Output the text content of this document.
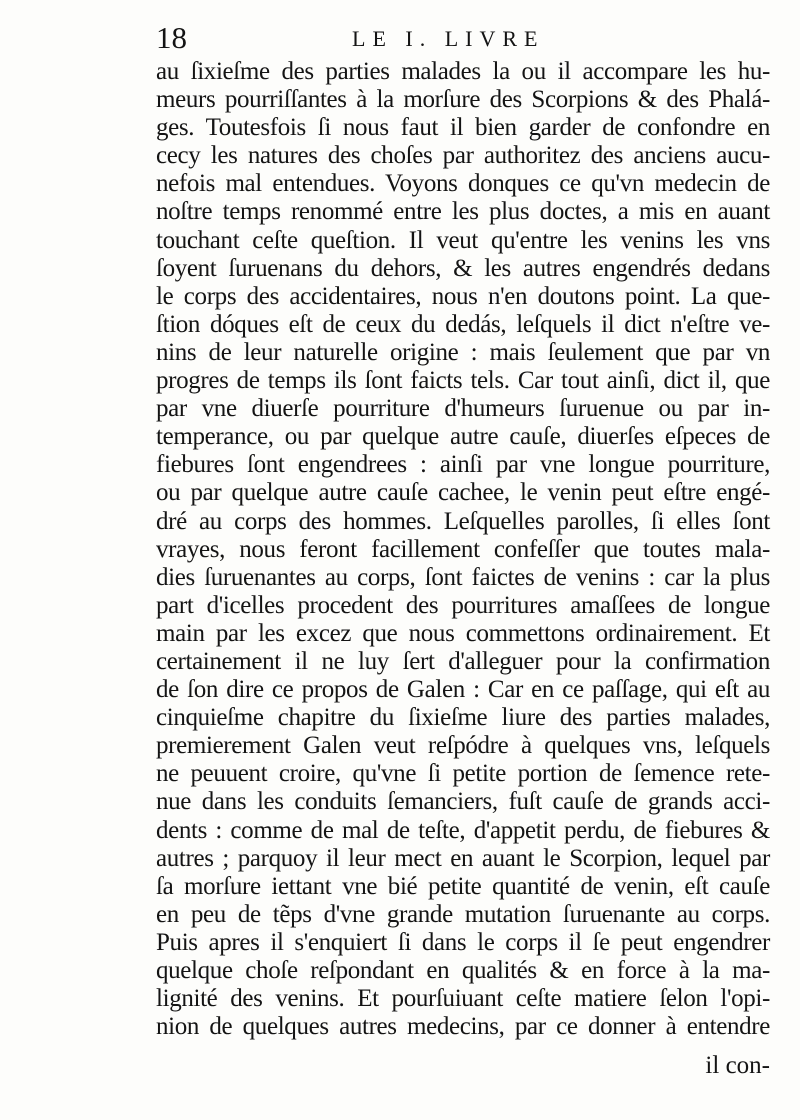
18	LE I. LIVRE
au ſixieſme des parties malades la ou il accompare les hu-
meurs pourriſſantes à la morſure des Scorpions & des Phalá-
ges. Toutesfois ſi nous faut il bien garder de confondre en
cecy les natures des choſes par authoritez des anciens aucu-
nefois mal entendues. Voyons donques ce qu'vn medecin de
noſtre temps renommé entre les plus doctes, a mis en auant
touchant ceſte queſtion. Il veut qu'entre les venins les vns
ſoyent ſuruenans du dehors, & les autres engendrés dedans
le corps des accidentaires, nous n'en doutons point. La que-
ſtion dóques eſt de ceux du dedás, leſquels il dict n'eſtre ve-
nins de leur naturelle origine : mais ſeulement que par vn
progres de temps ils ſont faicts tels. Car tout ainſi, dict il, que
par vne diuerſe pourriture d'humeurs ſuruenue ou par in-
temperance, ou par quelque autre cauſe, diuerſes eſpeces de
fiebures ſont engendrees : ainſi par vne longue pourriture,
ou par quelque autre cauſe cachee, le venin peut eſtre engé-
dré au corps des hommes. Leſquelles parolles, ſi elles ſont
vrayes, nous feront facillement confeſſer que toutes mala-
dies ſuruenantes au corps, ſont faictes de venins : car la plus
part d'icelles procedent des pourritures amaſſees de longue
main par les excez que nous commettons ordinairement. Et
certainement il ne luy ſert d'alleguer pour la confirmation
de ſon dire ce propos de Galen : Car en ce paſſage, qui eſt au
cinquieſme chapitre du ſixieſme liure des parties malades,
premierement Galen veut reſpódre à quelques vns, leſquels
ne peuuent croire, qu'vne ſi petite portion de ſemence rete-
nue dans les conduits ſemanciers, fuſt cauſe de grands acci-
dents : comme de mal de teſte, d'appetit perdu, de fiebures &
autres ; parquoy il leur mect en auant le Scorpion, lequel par
ſa morſure iettant vne bié petite quantité de venin, eſt cauſe
en peu de tẽps d'vne grande mutation ſuruenante au corps.
Puis apres il s'enquiert ſi dans le corps il ſe peut engendrer
quelque choſe reſpondant en qualités & en force à la ma-
lignité des venins. Et pourſuiuant ceſte matiere ſelon l'opi-
nion de quelques autres medecins, par ce donner à entendre
il con-
